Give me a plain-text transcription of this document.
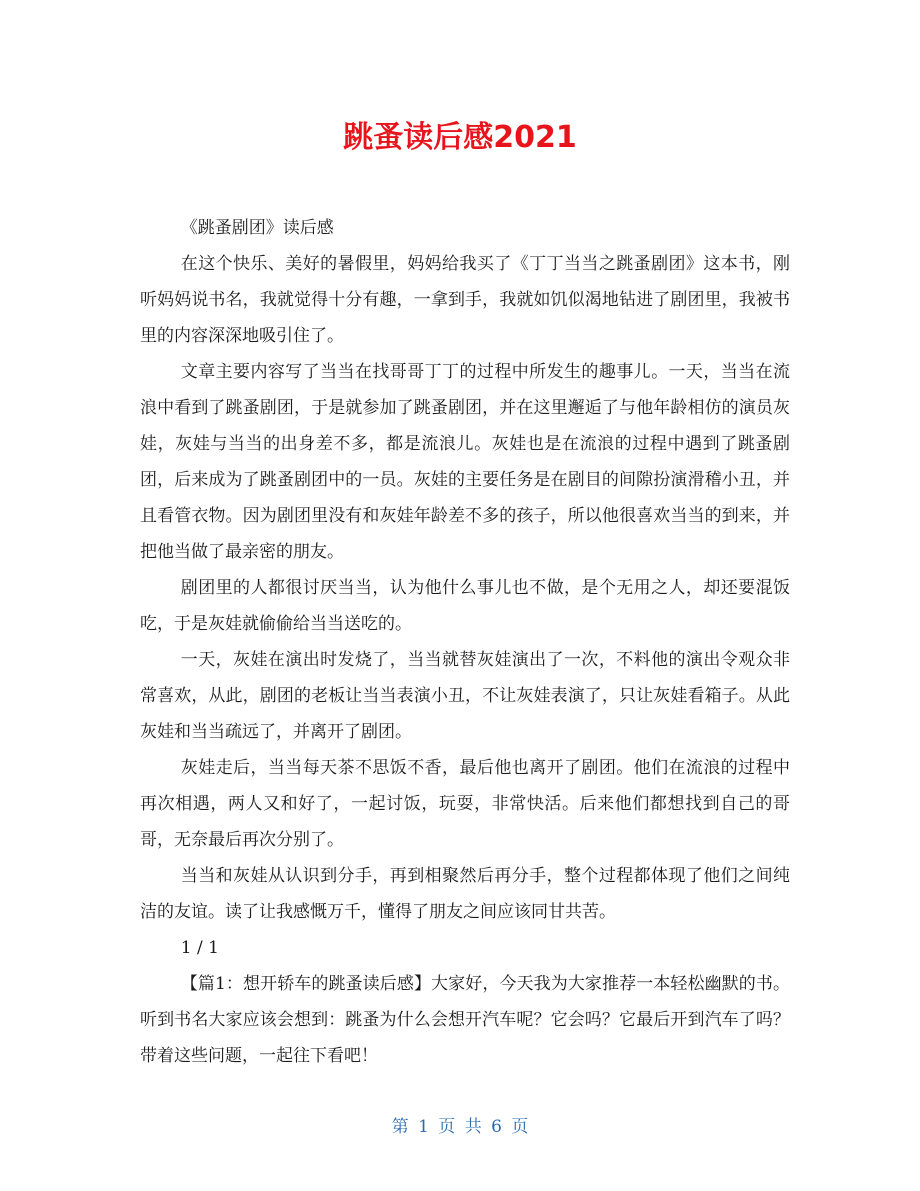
跳蚤读后感2021

《跳蚤剧团》读后感

在这个快乐、美好的暑假里，妈妈给我买了《丁丁当当之跳蚤剧团》这本书，刚听妈妈说书名，我就觉得十分有趣，一拿到手，我就如饥似渴地钻进了剧团里，我被书里的内容深深地吸引住了。

文章主要内容写了当当在找哥哥丁丁的过程中所发生的趣事儿。一天，当当在流浪中看到了跳蚤剧团，于是就参加了跳蚤剧团，并在这里邂逅了与他年龄相仿的演员灰娃，灰娃与当当的出身差不多，都是流浪儿。灰娃也是在流浪的过程中遇到了跳蚤剧团，后来成为了跳蚤剧团中的一员。灰娃的主要任务是在剧目的间隙扮演滑稽小丑，并且看管衣物。因为剧团里没有和灰娃年龄差不多的孩子，所以他很喜欢当当的到来，并把他当做了最亲密的朋友。

剧团里的人都很讨厌当当，认为他什么事儿也不做，是个无用之人，却还要混饭吃，于是灰娃就偷偷给当当送吃的。

一天，灰娃在演出时发烧了，当当就替灰娃演出了一次，不料他的演出令观众非常喜欢，从此，剧团的老板让当当表演小丑，不让灰娃表演了，只让灰娃看箱子。从此灰娃和当当疏远了，并离开了剧团。

灰娃走后，当当每天茶不思饭不香，最后他也离开了剧团。他们在流浪的过程中再次相遇，两人又和好了，一起讨饭，玩耍，非常快活。后来他们都想找到自己的哥哥，无奈最后再次分别了。

当当和灰娃从认识到分手，再到相聚然后再分手，整个过程都体现了他们之间纯洁的友谊。读了让我感慨万千，懂得了朋友之间应该同甘共苦。

1 / 1

【篇1：想开轿车的跳蚤读后感】大家好，今天我为大家推荐一本轻松幽默的书。听到书名大家应该会想到：跳蚤为什么会想开汽车呢？它会吗？它最后开到汽车了吗？带着这些问题，一起往下看吧！

第 1 页 共 6 页
